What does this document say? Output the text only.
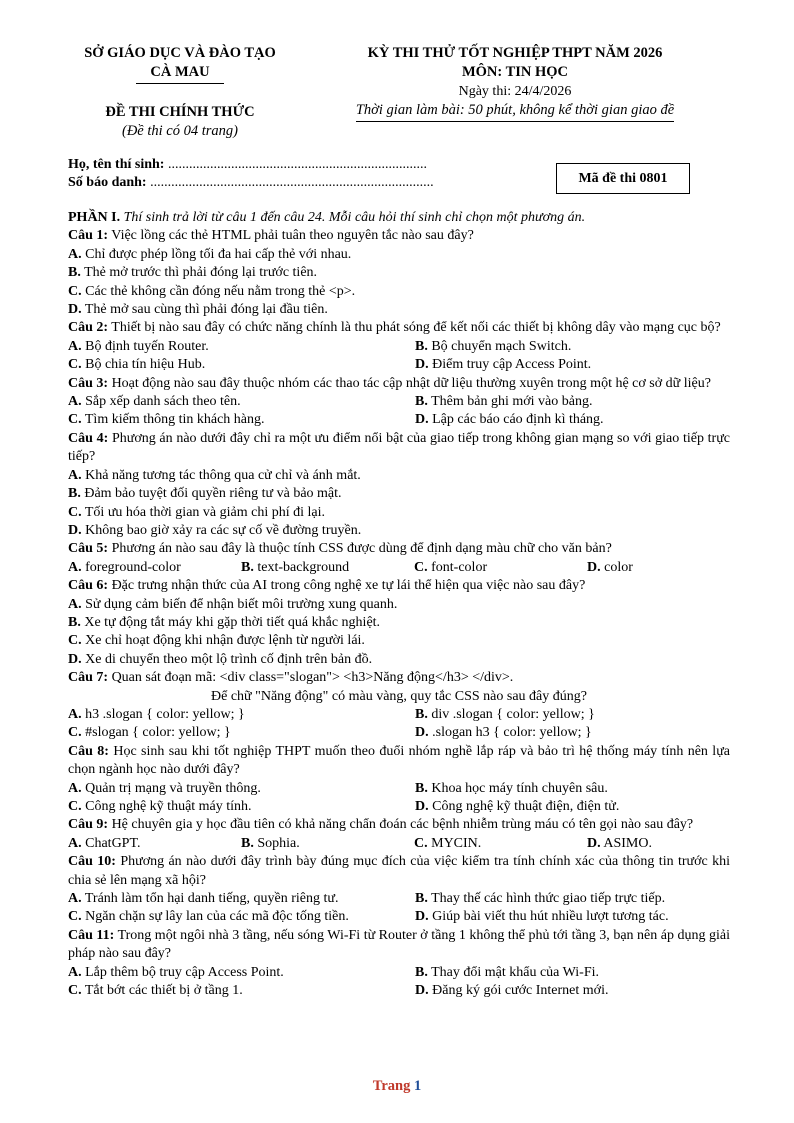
SỞ GIÁO DỤC VÀ ĐÀO TẠO
CÀ MAU
ĐỀ THI CHÍNH THỨC
(Đề thi có 04 trang)
KỲ THI THỬ TỐT NGHIỆP THPT NĂM 2026
MÔN: TIN HỌC
Ngày thi: 24/4/2026
Thời gian làm bài: 50 phút, không kể thời gian giao đề
Họ, tên thí sinh: ..........................................................................
Số báo danh: .................................................................................	Mã đề thi 0801

PHẦN I. Thí sinh trả lời từ câu 1 đến câu 24. Mỗi câu hỏi thí sinh chỉ chọn một phương án.

Câu 1: Việc lồng các thẻ HTML phải tuân theo nguyên tắc nào sau đây?

A. Chỉ được phép lồng tối đa hai cấp thẻ với nhau.

B. Thẻ mở trước thì phải đóng lại trước tiên.

C. Các thẻ không cần đóng nếu nằm trong thẻ <p>.

D. Thẻ mở sau cùng thì phải đóng lại đầu tiên.

Câu 2: Thiết bị nào sau đây có chức năng chính là thu phát sóng để kết nối các thiết bị không dây vào mạng cục bộ?

A. Bộ định tuyến Router.	B. Bộ chuyển mạch Switch.

C. Bộ chia tín hiệu Hub.	D. Điểm truy cập Access Point.

Câu 3: Hoạt động nào sau đây thuộc nhóm các thao tác cập nhật dữ liệu thường xuyên trong một hệ cơ sở dữ liệu?

A. Sắp xếp danh sách theo tên.	B. Thêm bản ghi mới vào bảng.

C. Tìm kiếm thông tin khách hàng.	D. Lập các báo cáo định kì tháng.

Câu 4: Phương án nào dưới đây chỉ ra một ưu điểm nổi bật của giao tiếp trong không gian mạng so với giao tiếp trực tiếp?

A. Khả năng tương tác thông qua cử chỉ và ánh mắt.

B. Đảm bảo tuyệt đối quyền riêng tư và bảo mật.

C. Tối ưu hóa thời gian và giảm chi phí đi lại.

D. Không bao giờ xảy ra các sự cố về đường truyền.

Câu 5: Phương án nào sau đây là thuộc tính CSS được dùng để định dạng màu chữ cho văn bản?

A. foreground-color	B. text-background	C. font-color	D. color

Câu 6: Đặc trưng nhận thức của AI trong công nghệ xe tự lái thể hiện qua việc nào sau đây?

A. Sử dụng cảm biến để nhận biết môi trường xung quanh.

B. Xe tự động tắt máy khi gặp thời tiết quá khắc nghiệt.

C. Xe chỉ hoạt động khi nhận được lệnh từ người lái.

D. Xe di chuyển theo một lộ trình cố định trên bản đồ.

Câu 7: Quan sát đoạn mã: <div class="slogan"> <h3>Năng động</h3> </div>.

Để chữ "Năng động" có màu vàng, quy tắc CSS nào sau đây đúng?

A. h3 .slogan { color: yellow; }	B. div .slogan { color: yellow; }

C. #slogan { color: yellow; }	D. .slogan h3 { color: yellow; }

Câu 8: Học sinh sau khi tốt nghiệp THPT muốn theo đuổi nhóm nghề lắp ráp và bảo trì hệ thống máy tính nên lựa chọn ngành học nào dưới đây?

A. Quản trị mạng và truyền thông.	B. Khoa học máy tính chuyên sâu.

C. Công nghệ kỹ thuật máy tính.	D. Công nghệ kỹ thuật điện, điện tử.

Câu 9: Hệ chuyên gia y học đầu tiên có khả năng chẩn đoán các bệnh nhiễm trùng máu có tên gọi nào sau đây?

A. ChatGPT.	B. Sophia.	C. MYCIN.	D. ASIMO.

Câu 10: Phương án nào dưới đây trình bày đúng mục đích của việc kiểm tra tính chính xác của thông tin trước khi chia sẻ lên mạng xã hội?

A. Tránh làm tổn hại danh tiếng, quyền riêng tư.	B. Thay thế các hình thức giao tiếp trực tiếp.

C. Ngăn chặn sự lây lan của các mã độc tống tiền.	D. Giúp bài viết thu hút nhiều lượt tương tác.

Câu 11: Trong một ngôi nhà 3 tầng, nếu sóng Wi-Fi từ Router ở tầng 1 không thể phủ tới tầng 3, bạn nên áp dụng giải pháp nào sau đây?

A. Lắp thêm bộ truy cập Access Point.	B. Thay đổi mật khẩu của Wi-Fi.

C. Tắt bớt các thiết bị ở tầng 1.	D. Đăng ký gói cước Internet mới.

Trang 1
